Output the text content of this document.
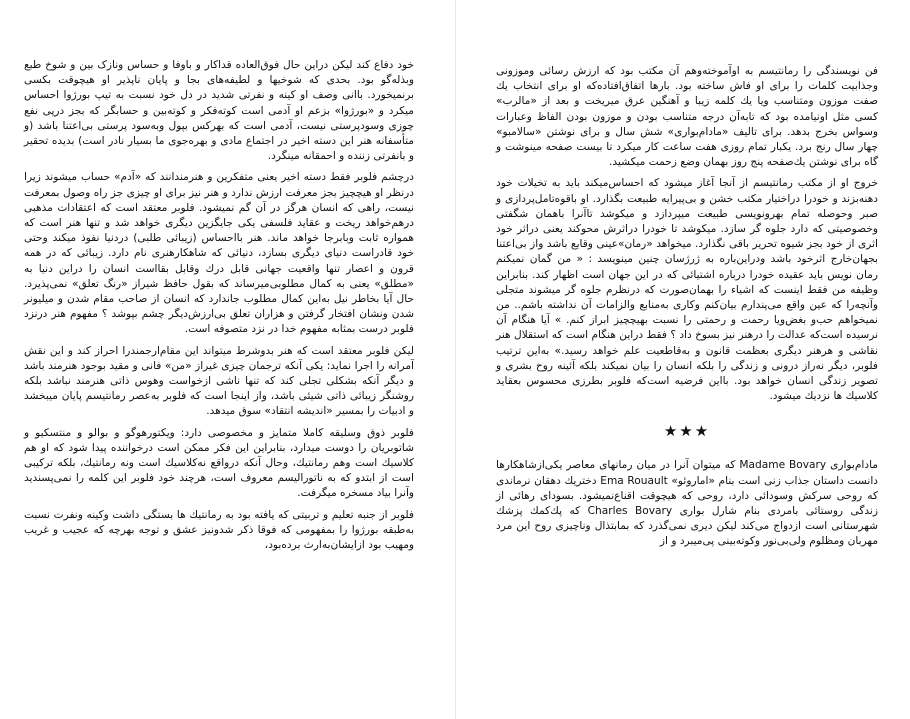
خود دفاع کند لیکن دراین حال فوق‌العاده قداکار و باوفا و حساس ونازک بین و شوخ طبع وبذله‌گو بود. بحدی که شوخیها و لطیفه‌های بجا و پایان ناپذیر او هیچوقت بکسی برنمیخورد. باانی وصف او کینه و نفرتی شدید در دل خود نسبت به تیپ بورژوا احساس میکرد و «بورژوا» بزعم او آدمی است کوته‌فکر و کوته‌بین و حسابگر که بجز درپی نفع چوزی وسودپرستی نیست، آدمی است که بهرکس بپول وبه‌سود پرستی بی‌اعتنا باشد (و متأسفانه هنر این دسته اخیر در اجتماع مادی و بهره‌جوی ما بسیار نادر است) بدیده تحقیر و بانفرتی زننده و احمقانه مینگرد.

درچشم فلوبر فقط دسته اخیر یعنی متفکرین و هنرمندانند که «آدم» حساب میشوند زیرا درنظر او هیچچیز بجز معرفت ارزش ندارد و هنر نیز برای او چیزی جز راه وصول بمعرفت نیست، راهی که انسان هرگز در آن گم نمیشود. فلوبر معتقد است که اعتقادات مذهبی درهم‌خواهد ریخت و عقاید فلسفی یکی جایگزین دیگری خواهد شد و تنها هنر است که همواره ثابت وبابرجا خواهد ماند. هنر بااحساس (زیبائی طلبی) دردنیا نفوذ میکند وحتی خود قادراست دنیای دیگری بسازد، دنیائی که شاهکارهنری نام دارد. زیبائی که در همه قرون و اعصار تنها واقعیت جهانی قابل درك وقابل بقااست انسان را دراین دنیا به «مطلق» یعنی به کمال مطلوبی‌میرساند که بقول حافظ شیراز «رنگ تعلق» نمی‌پذیرد. حال آیا بخاطر نیل به‌این کمال مطلوب جاندارد که انسان از صاحب مقام شدن و میلیونر شدن ونشان افتخار گرفتن و هزاران تعلق بی‌ارزش‌دیگر چشم بپوشد ؟ مفهوم هنر درنزد فلوبر درست بمثابه مفهوم خدا در نزد متصوفه است.

لیکن فلوبر معتقد است که هنر بدوشرط میتواند این مقام‌ارجمندرا احراز کند و این نقش آمرانه را اجرا نماید: یکی آنکه ترجمان چیزی غیراز «من» فانی و مقید بوجود هنرمند باشد و دیگر آنکه بشکلی تجلی کند که تنها ناشی ازخواست وهوس ذاتی هنرمند نباشد بلکه روشنگر زیبائی ذاتی شیئی باشد، واز اینجا است که فلوبر به‌عصر رمانتیسم پایان میبخشد و ادبیات را بمسیر «اندیشه انتقاد» سوق میدهد.

فلوبر ذوق وسلیقه کاملا متمایز و مخصوصی دارد: ویکتورهوگو و بوالو و منتسکیو و شاتوبریان را دوست میدارد، بنابراین این فکر ممکن است درخواننده پیدا شود که او هم کلاسیك است وهم رمانتیك، وحال آنكه درواقع نه‌کلاسیك است ونه رمانتیك، بلکه ترکیبی است از ابتدو که به ناتورالیسم معروف است، هرچند خود فلوبر این کلمه را نمی‌پسندید وآنرا بیاد مسخره میگرفت.

فلوبر از جنبه تعلیم و تربیتی که یافته بود به رمانتیك ها بستگی داشت وکینه ونفرت نسبت به‌طبقه بورژوا را بمفهومی که فوقا ذکر شدونیز عشق و توجه بهرچه که عجیب و غریب ومهیب بود ازایشان‌به‌ارث برده‌بود،

فن نویسندگی را رمانتیسم به اوآموخته‌وهم آن مکتب بود که ارزش رسائی وموزونی وجذابیت کلمات را برای او فاش ساخته بود. بارها اتفاق‌افتاده‌که او برای انتخاب يك صفت موزون ومتناسب ویا يك کلمه زیبا و آهنگین عرق میریخت و بعد از «مالرب» کسی مثل اونیامده بود که تابه‌آن درجه متناسب بودن و موزون بودن الفاظ وعبارات وسواس بخرج بدهد. برای تالیف «مادام‌بواری» شش سال و برای نوشتن «سالامبو» چهار سال رنج برد. یکبار تمام روزی هفت ساعت کار میکرد تا بیست صفحه مینوشت و گاه برای نوشتن يك‌صفحه پنج روز بهمان وضع زحمت میکشید.

خروج او از مکتب رمانتیسم از آنجا آغاز میشود که احساس‌میکند باید به تخیلات خود دهنه‌بزند و خودرا دراختیار مکتب خشن و بی‌پیرایه طبیعت بگذارد. او باقوه‌تامل‌پردازی و صبر وحوصله تمام بهرونویسی طبیعت میپردازد و میکوشد تاآنرا باهمان شگفتی وخصوصیتی که دارد جلوه گر سازد. میکوشد تا خودرا دراثرش محوکند یعنی دراثر خود اثری از خود بجز شیوه تحریر باقی نگذارد. میخواهد «رمان»عینی وقایع باشد واز بی‌اعتنا بجهان‌خارج اثرخود باشد ودراین‌باره به ژرژسان چنین مینویسد : « من گمان نمیکنم رمان نویس باید عقیده خودرا درباره اشتیائی که در این جهان است اظهار کند. بنابراین وظیفه من فقط اینست که اشیاء را بهمان‌صورت که درنظرم جلوه گر میشوند متجلی وآنچه‌را که عین واقع می‌پندارم بیان‌کنم وکاری به‌منابع والزامات آن نداشته باشم.. من نمیخواهم حب‌و بغض‌ویا رحمت و رحمتی را نسبت بهیچچیز ابراز کنم. » آیا هنگام آن نرسیده است‌که عدالت را درهنر نیز بسوخ داد ؟ فقط دراین هنگام است که استقلال هنر نقاشی و هرهنر دیگری بعظمت قانون و به‌قاطعیت علم خواهد رسید.» به‌این ترتیب فلوبر، دیگر نه‌راز درونی و زندگی را بلکه انسان را بیان نمیکند بلکه آئینه روح بشری و تصویر زندگی انسان خواهد بود. بااین فرضیه است‌که فلوبر بطرزی محسوس بعقاید کلاسیك ها نزديك میشود.

★★★

مادام‌بواری Madame Bovary که میتوان آنرا در میان رمانهای معاصر یکی‌ازشاهکارها دانست داستان جذاب زنی است بنام «اماروئو» Ema Rouault دختریك دهقان نرماندی که روحی سرکش وسودائی دارد، روحی که هیچوقت اقناع‌نمیشود. بسودای رهائی از زندگی روستائی بامردی بنام شارل بواری Charles Bovary که پك‌کمك پزشك شهرستانی است ازدواج می‌کند لیکن دیری نمی‌گذرد که بمابتذال وناچیزی روح این مرد مهربان ومظلوم ولی‌بی‌نور وکوته‌بینی پی‌میبرد و از
